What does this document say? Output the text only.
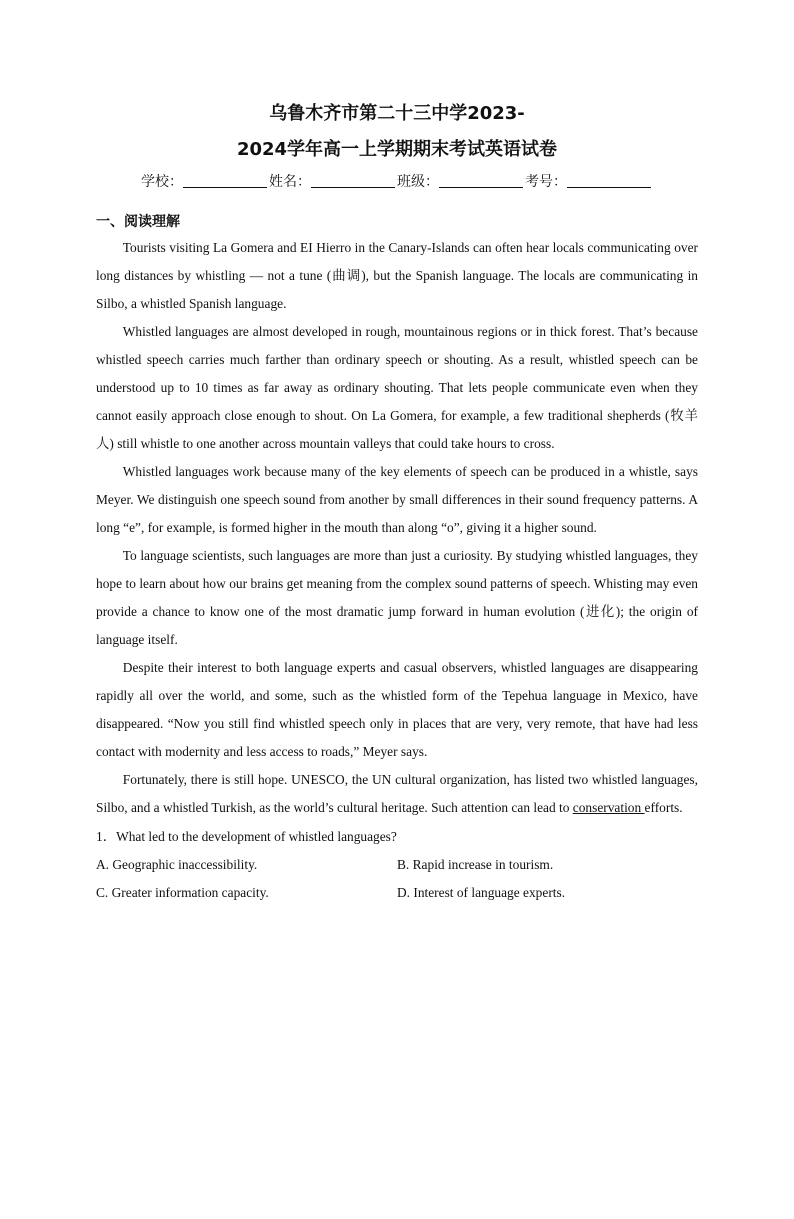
乌鲁木齐市第二十三中学2023-
2024学年高一上学期期末考试英语试卷
学校：	姓名：	班级：	考号：
一、阅读理解

Tourists visiting La Gomera and EI Hierro in the Canary-Islands can often hear locals communicating over long distances by whistling — not a tune (曲调), but the Spanish language. The locals are communicating in Silbo, a whistled Spanish language.

Whistled languages are almost developed in rough, mountainous regions or in thick forest. That’s because whistled speech carries much farther than ordinary speech or shouting. As a result, whistled speech can be understood up to 10 times as far away as ordinary shouting. That lets people communicate even when they cannot easily approach close enough to shout. On La Gomera, for example, a few traditional shepherds (牧羊人) still whistle to one another across mountain valleys that could take hours to cross.

Whistled languages work because many of the key elements of speech can be produced in a whistle, says Meyer. We distinguish one speech sound from another by small differences in their sound frequency patterns. A long “e”, for example, is formed higher in the mouth than along “o”, giving it a higher sound.

To language scientists, such languages are more than just a curiosity. By studying whistled languages, they hope to learn about how our brains get meaning from the complex sound patterns of speech. Whisting may even provide a chance to know one of the most dramatic jump forward in human evolution (进化); the origin of language itself.

Despite their interest to both language experts and casual observers, whistled languages are disappearing rapidly all over the world, and some, such as the whistled form of the Tepehua language in Mexico, have disappeared. “Now you still find whistled speech only in places that are very, very remote, that have had less contact with modernity and less access to roads,” Meyer says.

Fortunately, there is still hope. UNESCO, the UN cultural organization, has listed two whistled languages, Silbo, and a whistled Turkish, as the world’s cultural heritage. Such attention can lead to conservation efforts.

1．What led to the development of whistled languages?
A. Geographic inaccessibility.	B. Rapid increase in tourism.
C. Greater information capacity.	D. Interest of language experts.
